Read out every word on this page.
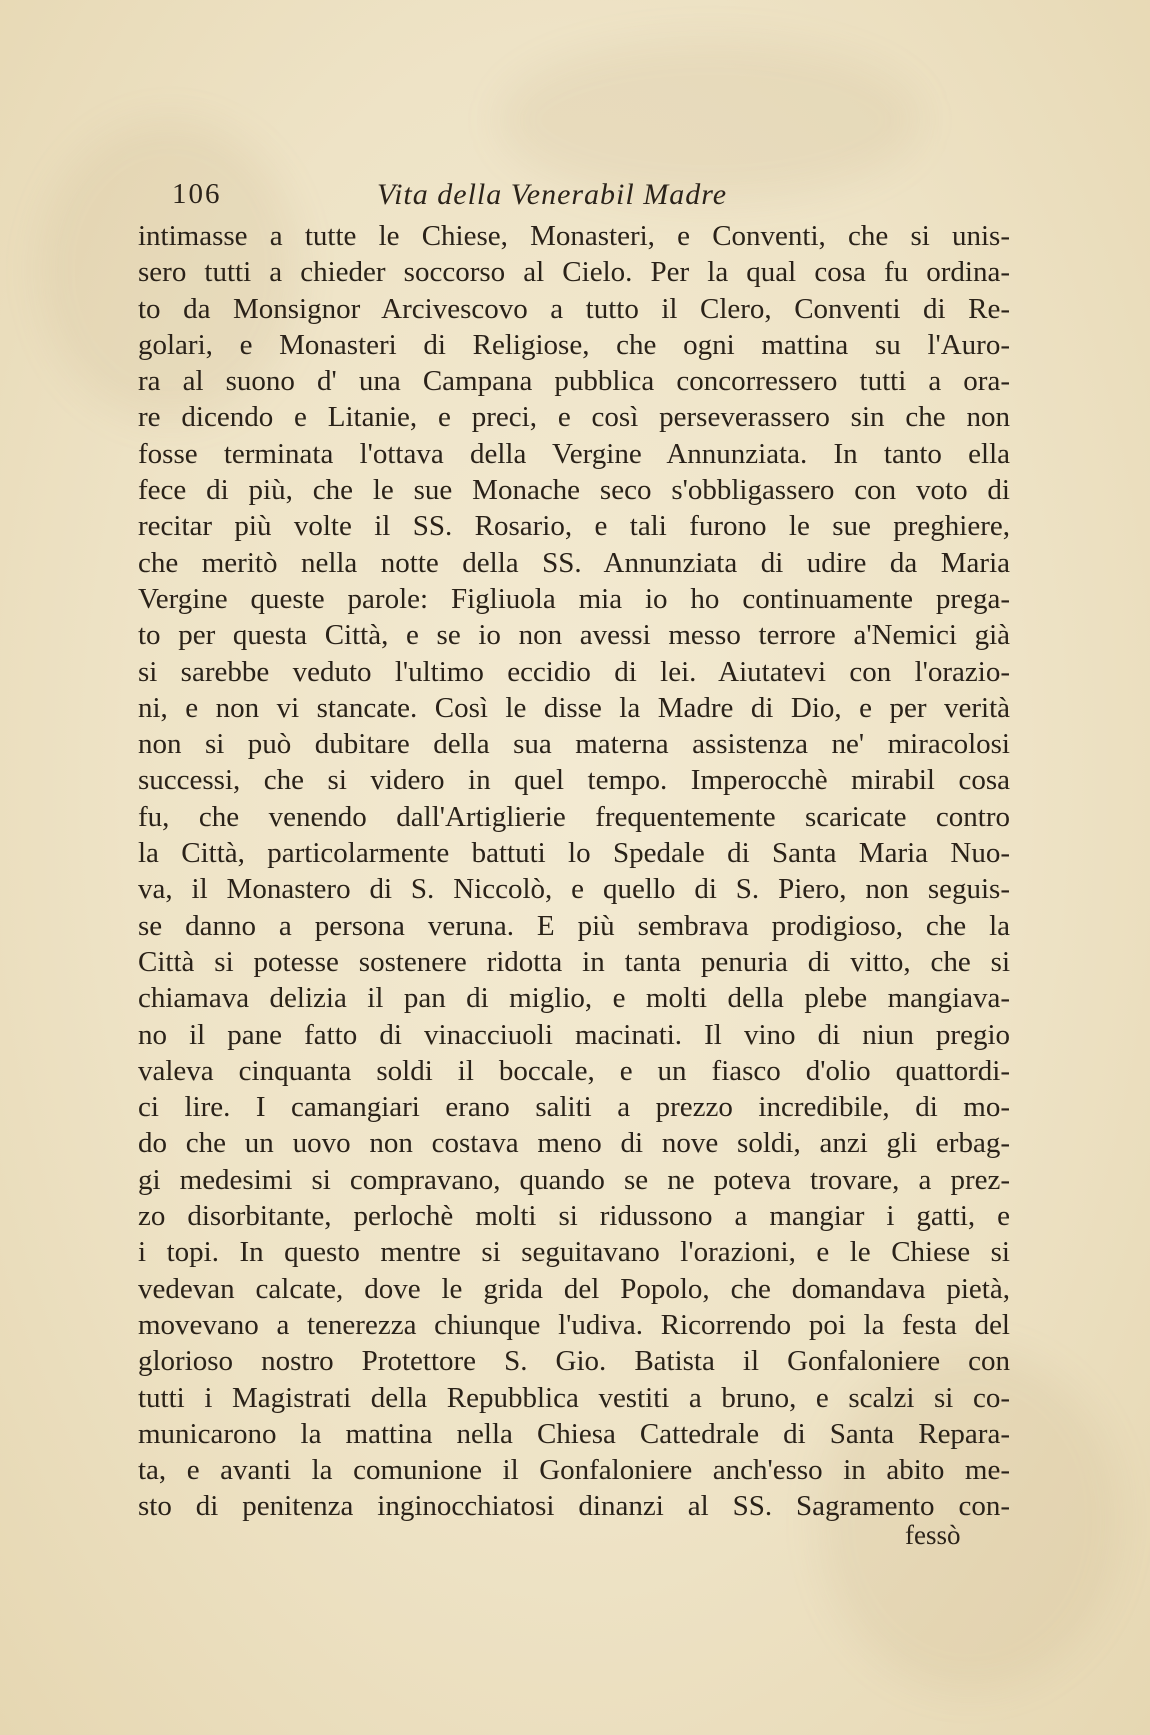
106	Vita della Venerabil Madre
intimasse a tutte le Chiese, Monasteri, e Conventi, che si unis-
sero tutti a chieder soccorso al Cielo. Per la qual cosa fu ordina-
to da Monsignor Arcivescovo a tutto il Clero, Conventi di Re-
golari, e Monasteri di Religiose, che ogni mattina su l'Auro-
ra al suono d' una Campana pubblica concorressero tutti a ora-
re dicendo e Litanie, e preci, e così perseverassero sin che non
fosse terminata l'ottava della Vergine Annunziata. In tanto ella
fece di più, che le sue Monache seco s'obbligassero con voto di
recitar più volte il SS. Rosario, e tali furono le sue preghiere,
che meritò nella notte della SS. Annunziata di udire da Maria
Vergine queste parole: Figliuola mia io ho continuamente prega-
to per questa Città, e se io non avessi messo terrore a'Nemici già
si sarebbe veduto l'ultimo eccidio di lei. Aiutatevi con l'orazio-
ni, e non vi stancate. Così le disse la Madre di Dio, e per verità
non si può dubitare della sua materna assistenza ne' miracolosi
successi, che si videro in quel tempo. Imperocchè mirabil cosa
fu, che venendo dall'Artiglierie frequentemente scaricate contro
la Città, particolarmente battuti lo Spedale di Santa Maria Nuo-
va, il Monastero di S. Niccolò, e quello di S. Piero, non seguis-
se danno a persona veruna. E più sembrava prodigioso, che la
Città si potesse sostenere ridotta in tanta penuria di vitto, che si
chiamava delizia il pan di miglio, e molti della plebe mangiava-
no il pane fatto di vinacciuoli macinati. Il vino di niun pregio
valeva cinquanta soldi il boccale, e un fiasco d'olio quattordi-
ci lire. I camangiari erano saliti a prezzo incredibile, di mo-
do che un uovo non costava meno di nove soldi, anzi gli erbag-
gi medesimi si compravano, quando se ne poteva trovare, a prez-
zo disorbitante, perlochè molti si ridussono a mangiar i gatti, e
i topi. In questo mentre si seguitavano l'orazioni, e le Chiese si
vedevan calcate, dove le grida del Popolo, che domandava pietà,
movevano a tenerezza chiunque l'udiva. Ricorrendo poi la festa del
glorioso nostro Protettore S. Gio. Batista il Gonfaloniere con
tutti i Magistrati della Repubblica vestiti a bruno, e scalzi si co-
municarono la mattina nella Chiesa Cattedrale di Santa Repara-
ta, e avanti la comunione il Gonfaloniere anch'esso in abito me-
sto di penitenza inginocchiatosi dinanzi al SS. Sagramento con-
fessò
